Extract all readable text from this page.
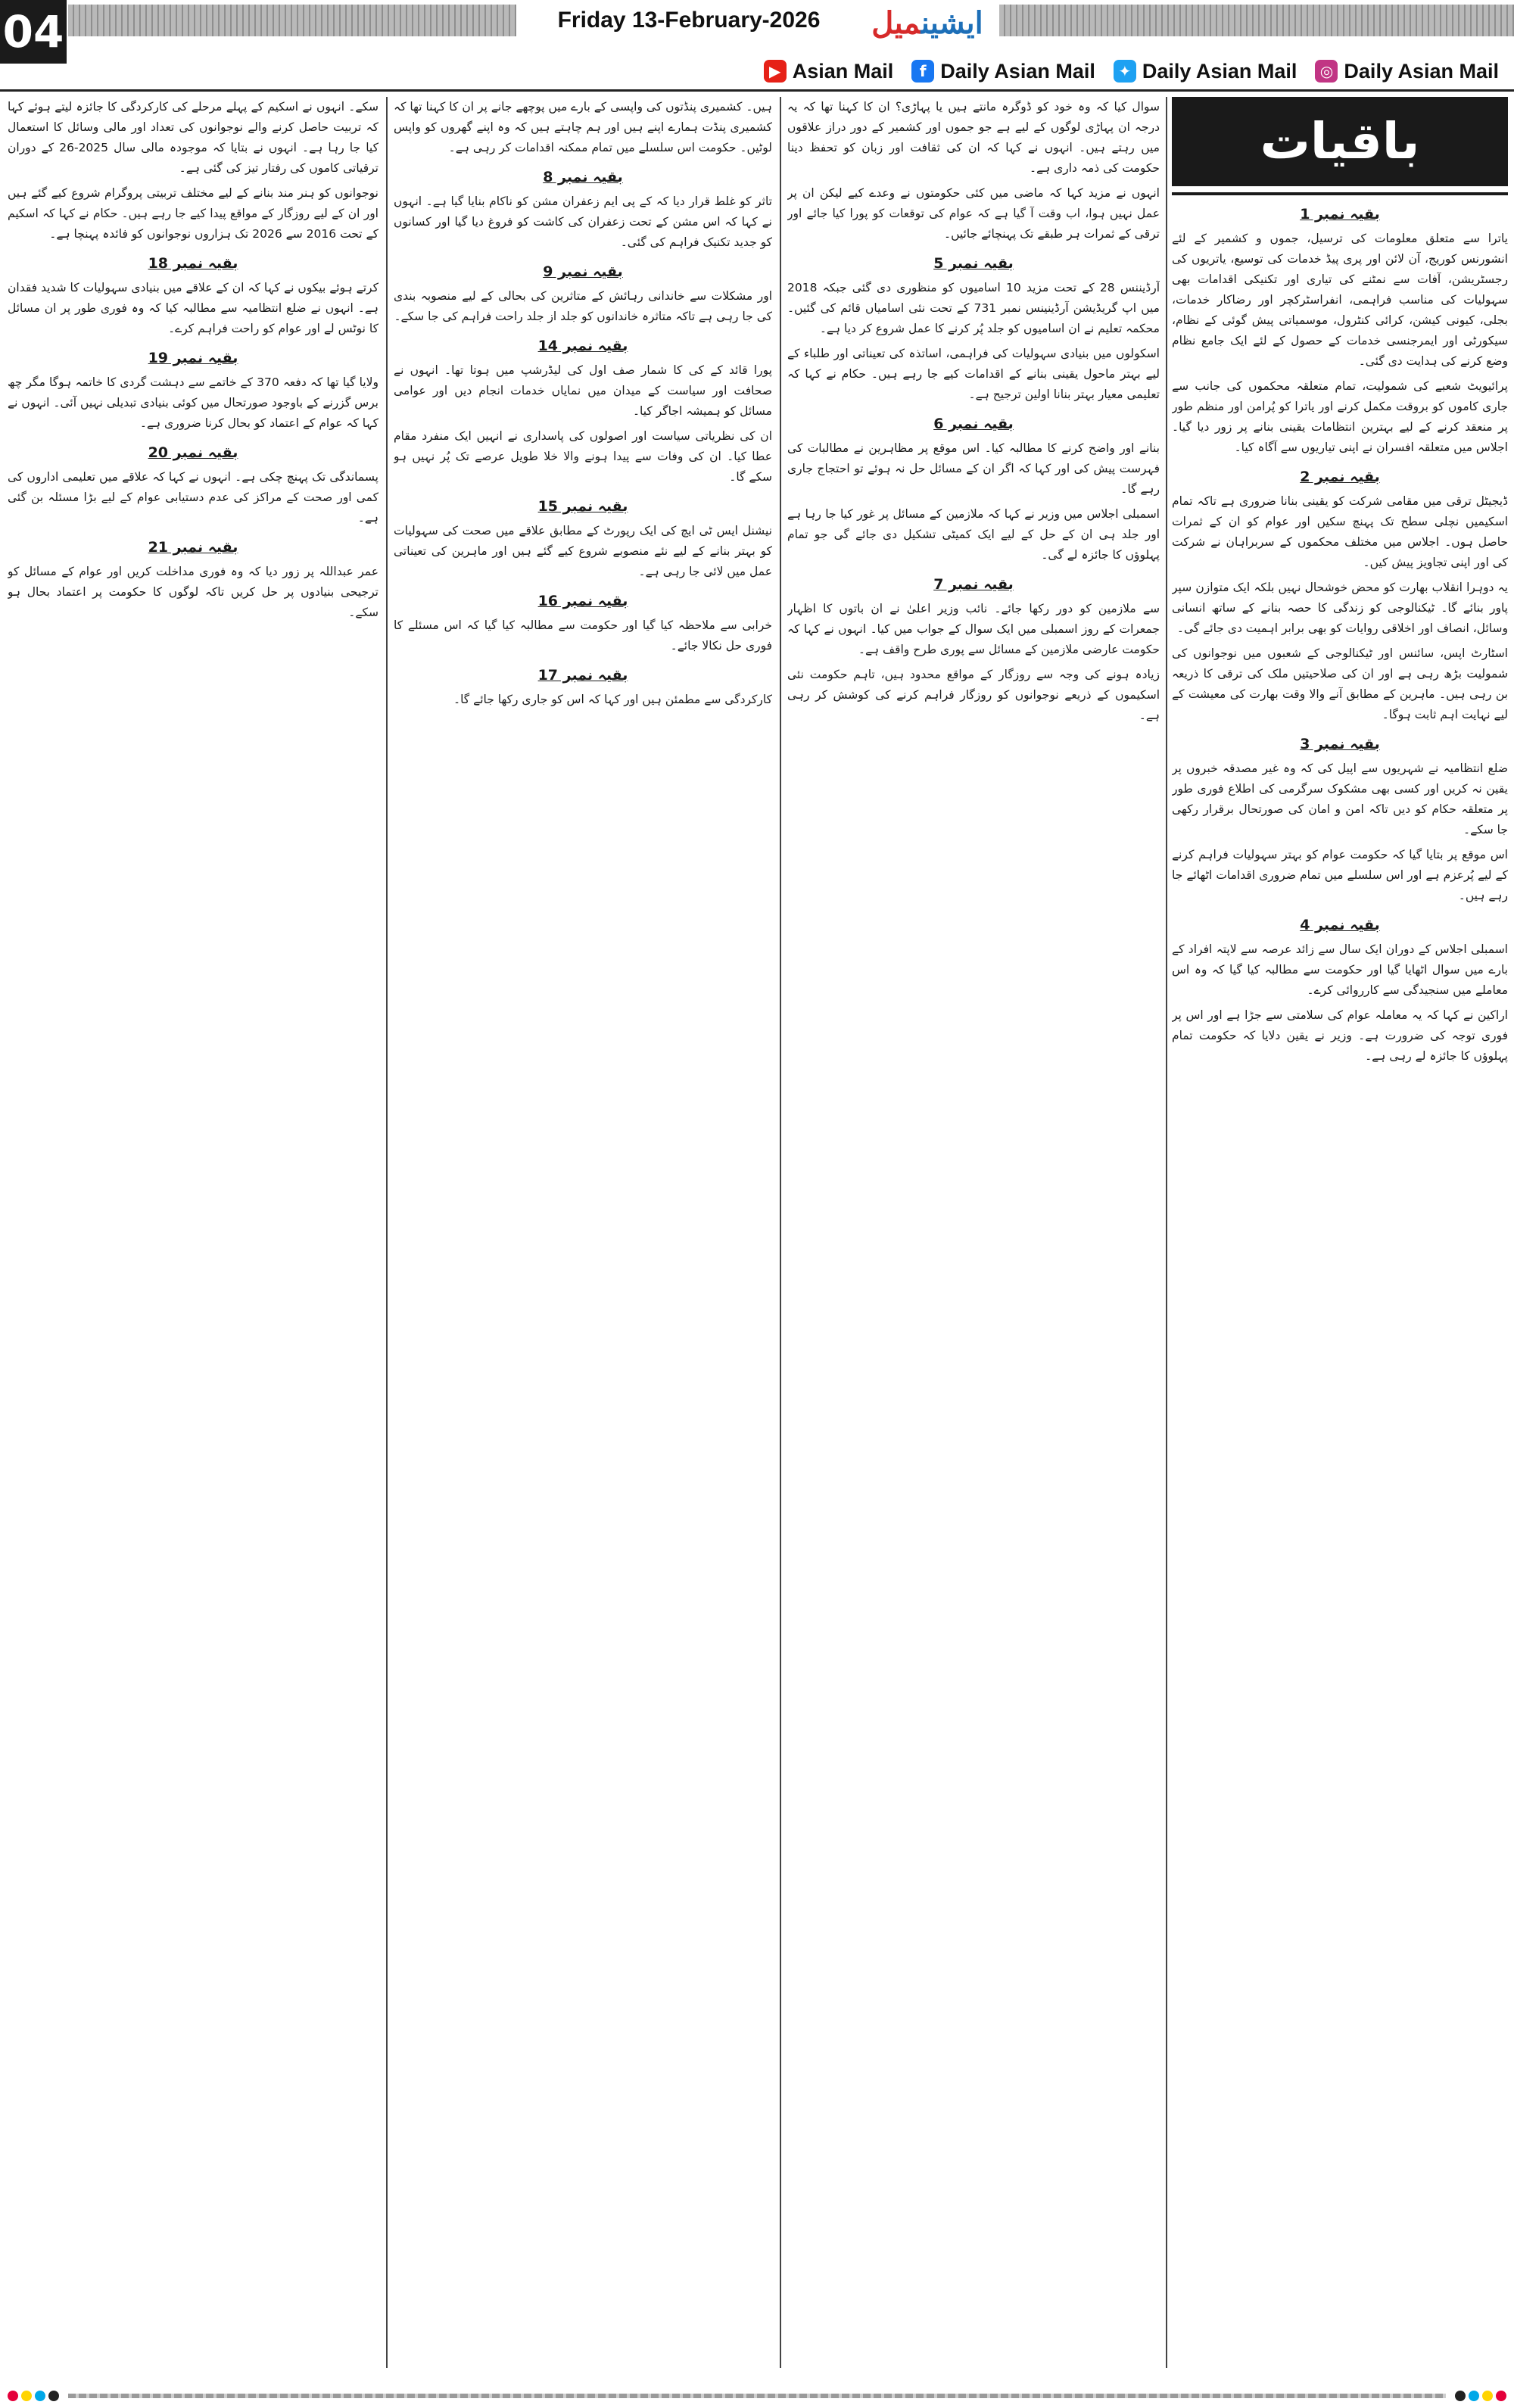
04	Friday 13-February-2026	ایشینمیل
▶ Asian Mail	f Daily Asian Mail	✦ Daily Asian Mail	◎ Daily Asian Mail
باقیات
بقیہ نمبر 1

یاترا سے متعلق معلومات کی ترسیل، جموں و کشمیر کے لئے انشورنس کوریج، آن لائن اور پری پیڈ خدمات کی توسیع، یاتریوں کی رجسٹریشن، آفات سے نمٹنے کی تیاری اور تکنیکی اقدامات بھی سہولیات کی مناسب فراہمی، انفراسٹرکچر اور رضاکار خدمات، بجلی، کیونی کیشن، کرائی کنٹرول، موسمیاتی پیش گوئی کے نظام، سیکورٹی اور ایمرجنسی خدمات کے حصول کے لئے ایک جامع نظام وضع کرنے کی ہدایت دی گئی۔

پرائیویٹ شعبے کی شمولیت، تمام متعلقہ محکموں کی جانب سے جاری کاموں کو بروقت مکمل کرنے اور یاترا کو پُرامن اور منظم طور پر منعقد کرنے کے لیے بہترین انتظامات یقینی بنانے پر زور دیا گیا۔ اجلاس میں متعلقہ افسران نے اپنی تیاریوں سے آگاہ کیا۔

بقیہ نمبر 2

ڈیجیٹل ترقی میں مقامی شرکت کو یقینی بنانا ضروری ہے تاکہ تمام اسکیمیں نچلی سطح تک پہنچ سکیں اور عوام کو ان کے ثمرات حاصل ہوں۔ اجلاس میں مختلف محکموں کے سربراہان نے شرکت کی اور اپنی تجاویز پیش کیں۔

یہ دوہرا انقلاب بھارت کو محض خوشحال نہیں بلکہ ایک متوازن سپر پاور بنائے گا۔ ٹیکنالوجی کو زندگی کا حصہ بنانے کے ساتھ انسانی وسائل، انصاف اور اخلاقی روایات کو بھی برابر اہمیت دی جائے گی۔

اسٹارٹ اپس، سائنس اور ٹیکنالوجی کے شعبوں میں نوجوانوں کی شمولیت بڑھ رہی ہے اور ان کی صلاحیتیں ملک کی ترقی کا ذریعہ بن رہی ہیں۔ ماہرین کے مطابق آنے والا وقت بھارت کی معیشت کے لیے نہایت اہم ثابت ہوگا۔

بقیہ نمبر 3

ضلع انتظامیہ نے شہریوں سے اپیل کی کہ وہ غیر مصدقہ خبروں پر یقین نہ کریں اور کسی بھی مشکوک سرگرمی کی اطلاع فوری طور پر متعلقہ حکام کو دیں تاکہ امن و امان کی صورتحال برقرار رکھی جا سکے۔

اس موقع پر بتایا گیا کہ حکومت عوام کو بہتر سہولیات فراہم کرنے کے لیے پُرعزم ہے اور اس سلسلے میں تمام ضروری اقدامات اٹھائے جا رہے ہیں۔

بقیہ نمبر 4

اسمبلی اجلاس کے دوران ایک سال سے زائد عرصہ سے لاپتہ افراد کے بارے میں سوال اٹھایا گیا اور حکومت سے مطالبہ کیا گیا کہ وہ اس معاملے میں سنجیدگی سے کارروائی کرے۔

اراکین نے کہا کہ یہ معاملہ عوام کی سلامتی سے جڑا ہے اور اس پر فوری توجہ کی ضرورت ہے۔ وزیر نے یقین دلایا کہ حکومت تمام پہلوؤں کا جائزہ لے رہی ہے۔

سوال کیا کہ وہ خود کو ڈوگرہ مانتے ہیں یا پہاڑی؟ ان کا کہنا تھا کہ یہ درجہ ان پہاڑی لوگوں کے لیے ہے جو جموں اور کشمیر کے دور دراز علاقوں میں رہتے ہیں۔ انہوں نے کہا کہ ان کی ثقافت اور زبان کو تحفظ دینا حکومت کی ذمہ داری ہے۔

انہوں نے مزید کہا کہ ماضی میں کئی حکومتوں نے وعدے کیے لیکن ان پر عمل نہیں ہوا، اب وقت آ گیا ہے کہ عوام کی توقعات کو پورا کیا جائے اور ترقی کے ثمرات ہر طبقے تک پہنچائے جائیں۔

بقیہ نمبر 5

آرڈیننس 28 کے تحت مزید 10 اسامیوں کو منظوری دی گئی جبکہ 2018 میں اپ گریڈیشن آرڈینینس نمبر 731 کے تحت نئی اسامیاں قائم کی گئیں۔ محکمہ تعلیم نے ان اسامیوں کو جلد پُر کرنے کا عمل شروع کر دیا ہے۔

اسکولوں میں بنیادی سہولیات کی فراہمی، اساتذہ کی تعیناتی اور طلباء کے لیے بہتر ماحول یقینی بنانے کے اقدامات کیے جا رہے ہیں۔ حکام نے کہا کہ تعلیمی معیار بہتر بنانا اولین ترجیح ہے۔

بقیہ نمبر 6

بنانے اور واضح کرنے کا مطالبہ کیا۔ اس موقع پر مظاہرین نے مطالبات کی فہرست پیش کی اور کہا کہ اگر ان کے مسائل حل نہ ہوئے تو احتجاج جاری رہے گا۔

اسمبلی اجلاس میں وزیر نے کہا کہ ملازمین کے مسائل پر غور کیا جا رہا ہے اور جلد ہی ان کے حل کے لیے ایک کمیٹی تشکیل دی جائے گی جو تمام پہلوؤں کا جائزہ لے گی۔

بقیہ نمبر 7

سے ملازمین کو دور رکھا جائے۔ نائب وزیر اعلیٰ نے ان باتوں کا اظہار جمعرات کے روز اسمبلی میں ایک سوال کے جواب میں کیا۔ انہوں نے کہا کہ حکومت عارضی ملازمین کے مسائل سے پوری طرح واقف ہے۔

زیادہ ہونے کی وجہ سے روزگار کے مواقع محدود ہیں، تاہم حکومت نئی اسکیموں کے ذریعے نوجوانوں کو روزگار فراہم کرنے کی کوشش کر رہی ہے۔

ہیں۔ کشمیری پنڈتوں کی واپسی کے بارے میں پوچھے جانے پر ان کا کہنا تھا کہ کشمیری پنڈت ہمارے اپنے ہیں اور ہم چاہتے ہیں کہ وہ اپنے گھروں کو واپس لوٹیں۔ حکومت اس سلسلے میں تمام ممکنہ اقدامات کر رہی ہے۔

بقیہ نمبر 8

تاثر کو غلط قرار دیا کہ کے پی ایم زعفران مشن کو ناکام بنایا گیا ہے۔ انہوں نے کہا کہ اس مشن کے تحت زعفران کی کاشت کو فروغ دیا گیا اور کسانوں کو جدید تکنیک فراہم کی گئی۔

بقیہ نمبر 9

اور مشکلات سے خاندانی رہائش کے متاثرین کی بحالی کے لیے منصوبہ بندی کی جا رہی ہے تاکہ متاثرہ خاندانوں کو جلد از جلد راحت فراہم کی جا سکے۔

بقیہ نمبر 14

پورا قائد کے کی کا شمار صف اول کی لیڈرشپ میں ہوتا تھا۔ انہوں نے صحافت اور سیاست کے میدان میں نمایاں خدمات انجام دیں اور عوامی مسائل کو ہمیشہ اجاگر کیا۔

ان کی نظریاتی سیاست اور اصولوں کی پاسداری نے انہیں ایک منفرد مقام عطا کیا۔ ان کی وفات سے پیدا ہونے والا خلا طویل عرصے تک پُر نہیں ہو سکے گا۔

بقیہ نمبر 15

نیشنل ایس ٹی ایچ کی ایک رپورٹ کے مطابق علاقے میں صحت کی سہولیات کو بہتر بنانے کے لیے نئے منصوبے شروع کیے گئے ہیں اور ماہرین کی تعیناتی عمل میں لائی جا رہی ہے۔

بقیہ نمبر 16

خرابی سے ملاحظہ کیا گیا اور حکومت سے مطالبہ کیا گیا کہ اس مسئلے کا فوری حل نکالا جائے۔

بقیہ نمبر 17

کارکردگی سے مطمئن ہیں اور کہا کہ اس کو جاری رکھا جائے گا۔

سکے۔ انہوں نے اسکیم کے پہلے مرحلے کی کارکردگی کا جائزہ لیتے ہوئے کہا کہ تربیت حاصل کرنے والے نوجوانوں کی تعداد اور مالی وسائل کا استعمال کیا جا رہا ہے۔ انہوں نے بتایا کہ موجودہ مالی سال 2025-26 کے دوران ترقیاتی کاموں کی رفتار تیز کی گئی ہے۔

نوجوانوں کو ہنر مند بنانے کے لیے مختلف تربیتی پروگرام شروع کیے گئے ہیں اور ان کے لیے روزگار کے مواقع پیدا کیے جا رہے ہیں۔ حکام نے کہا کہ اسکیم کے تحت 2016 سے 2026 تک ہزاروں نوجوانوں کو فائدہ پہنچا ہے۔

بقیہ نمبر 18

کرتے ہوئے بیکوں نے کہا کہ ان کے علاقے میں بنیادی سہولیات کا شدید فقدان ہے۔ انہوں نے ضلع انتظامیہ سے مطالبہ کیا کہ وہ فوری طور پر ان مسائل کا نوٹس لے اور عوام کو راحت فراہم کرے۔

بقیہ نمبر 19

ولایا گیا تھا کہ دفعہ 370 کے خاتمے سے دہشت گردی کا خاتمہ ہوگا مگر چھ برس گزرنے کے باوجود صورتحال میں کوئی بنیادی تبدیلی نہیں آئی۔ انہوں نے کہا کہ عوام کے اعتماد کو بحال کرنا ضروری ہے۔

بقیہ نمبر 20

پسماندگی تک پہنچ چکی ہے۔ انہوں نے کہا کہ علاقے میں تعلیمی اداروں کی کمی اور صحت کے مراکز کی عدم دستیابی عوام کے لیے بڑا مسئلہ بن گئی ہے۔

بقیہ نمبر 21

عمر عبداللہ پر زور دیا کہ وہ فوری مداخلت کریں اور عوام کے مسائل کو ترجیحی بنیادوں پر حل کریں تاکہ لوگوں کا حکومت پر اعتماد بحال ہو سکے۔
